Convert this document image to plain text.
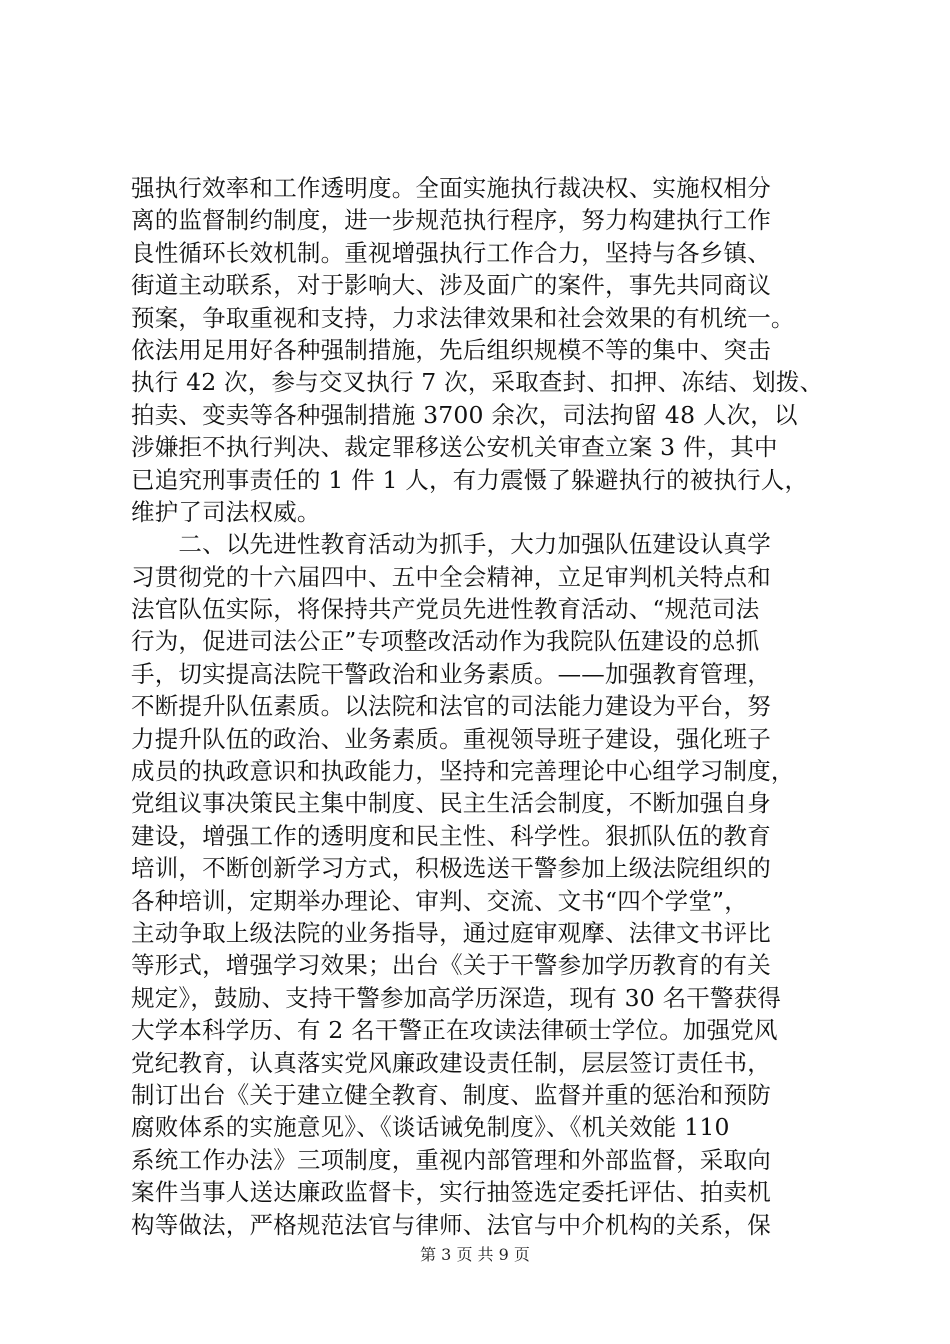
强执行效率和工作透明度。全面实施执行裁决权、实施权相分
离的监督制约制度，进一步规范执行程序，努力构建执行工作
良性循环长效机制。重视增强执行工作合力，坚持与各乡镇、
街道主动联系，对于影响大、涉及面广的案件，事先共同商议
预案，争取重视和支持，力求法律效果和社会效果的有机统一。
依法用足用好各种强制措施，先后组织规模不等的集中、突击
执行 42 次，参与交叉执行 7 次，采取查封、扣押、冻结、划拨、
拍卖、变卖等各种强制措施 3700 余次，司法拘留 48 人次，以
涉嫌拒不执行判决、裁定罪移送公安机关审查立案 3 件，其中
已追究刑事责任的 1 件 1 人，有力震慑了躲避执行的被执行人，
维护了司法权威。
　　二、以先进性教育活动为抓手，大力加强队伍建设认真学
习贯彻党的十六届四中、五中全会精神，立足审判机关特点和
法官队伍实际，将保持共产党员先进性教育活动、“规范司法
行为，促进司法公正”专项整改活动作为我院队伍建设的总抓
手，切实提高法院干警政治和业务素质。——加强教育管理，
不断提升队伍素质。以法院和法官的司法能力建设为平台，努
力提升队伍的政治、业务素质。重视领导班子建设，强化班子
成员的执政意识和执政能力，坚持和完善理论中心组学习制度，
党组议事决策民主集中制度、民主生活会制度，不断加强自身
建设，增强工作的透明度和民主性、科学性。狠抓队伍的教育
培训，不断创新学习方式，积极选送干警参加上级法院组织的
各种培训，定期举办理论、审判、交流、文书“四个学堂”，
主动争取上级法院的业务指导，通过庭审观摩、法律文书评比
等形式，增强学习效果；出台《关于干警参加学历教育的有关
规定》，鼓励、支持干警参加高学历深造，现有 30 名干警获得
大学本科学历、有 2 名干警正在攻读法律硕士学位。加强党风
党纪教育，认真落实党风廉政建设责任制，层层签订责任书，
制订出台《关于建立健全教育、制度、监督并重的惩治和预防
腐败体系的实施意见》、《谈话诫免制度》、《机关效能 110
系统工作办法》三项制度，重视内部管理和外部监督，采取向
案件当事人送达廉政监督卡，实行抽签选定委托评估、拍卖机
构等做法，严格规范法官与律师、法官与中介机构的关系，保
第 3 页 共 9 页
